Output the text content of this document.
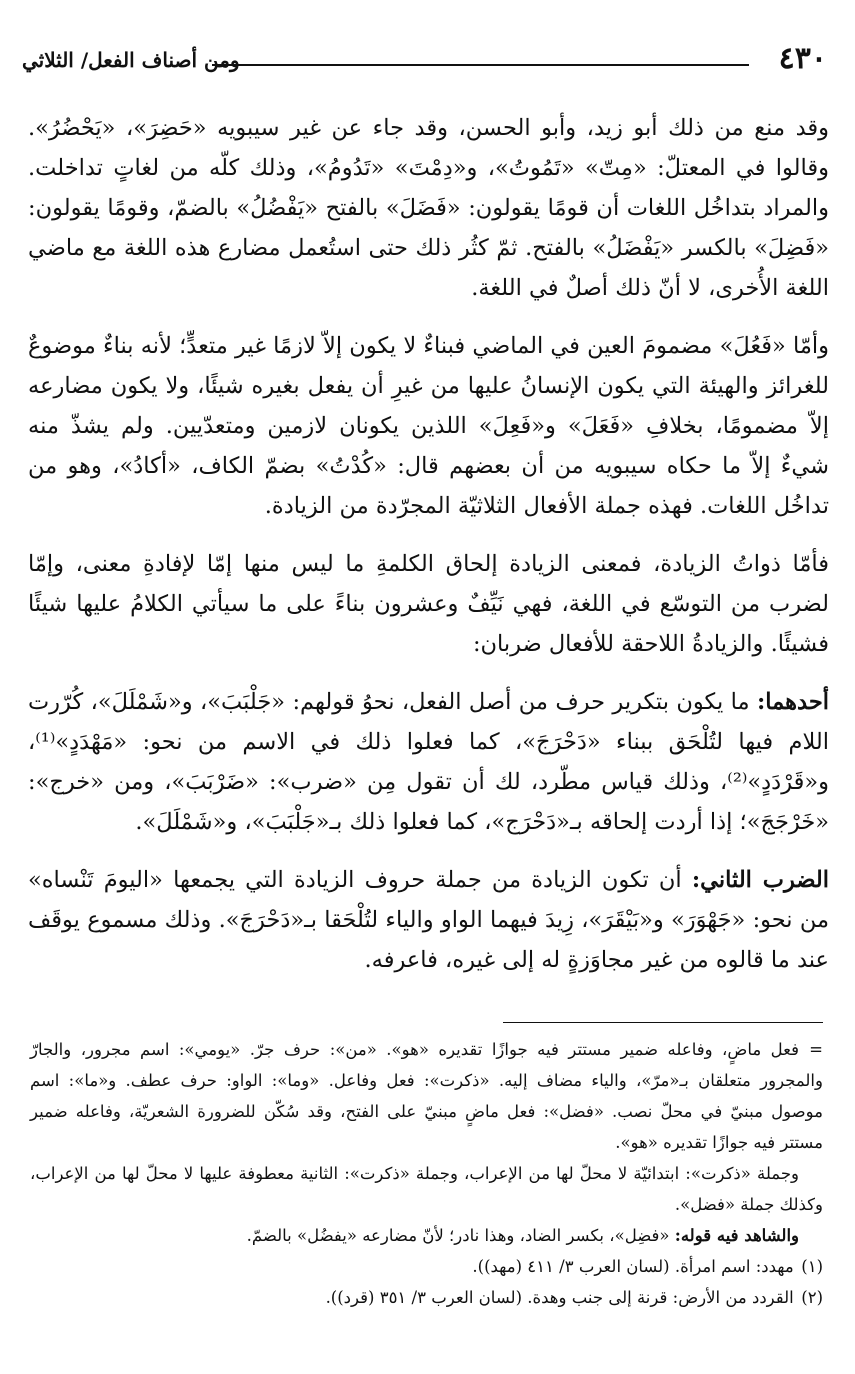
٤٣٠
ومن أصناف الفعل/ الثلاثي

وقد منع من ذلك أبو زيد، وأبو الحسن، وقد جاء عن غير سيبويه «حَضِرَ»، «يَحْضُرُ». وقالوا في المعتلّ: «مِتّ» «تَمُوتُ»، و«دِمْتَ» «تَدُومُ»، وذلك كلّه من لغاتٍ تداخلت. والمراد بتداخُل اللغات أن قومًا يقولون: «فَضَلَ» بالفتح «يَفْضُلُ» بالضمّ، وقومًا يقولون: «فَضِلَ» بالكسر «يَفْضَلُ» بالفتح. ثمّ كثُر ذلك حتى استُعمل مضارع هذه اللغة مع ماضي اللغة الأُخرى، لا أنّ ذلك أصلٌ في اللغة.

وأمّا «فَعُلَ» مضمومَ العين في الماضي فبناءٌ لا يكون إلاّ لازمًا غير متعدٍّ؛ لأنه بناءٌ موضوعٌ للغرائز والهيئة التي يكون الإنسانُ عليها من غيرِ أن يفعل بغيره شيئًا، ولا يكون مضارعه إلاّ مضمومًا، بخلافِ «فَعَلَ» و«فَعِلَ» اللذين يكونان لازمين ومتعدّيين. ولم يشذّ منه شيءٌ إلاّ ما حكاه سيبويه من أن بعضهم قال: «كُدْتُ» بضمّ الكاف، «أكادُ»، وهو من تداخُل اللغات. فهذه جملة الأفعال الثلاثيّة المجرّدة من الزيادة.

فأمّا ذواتُ الزيادة، فمعنى الزيادة إلحاق الكلمةِ ما ليس منها إمّا لإفادةِ معنى، وإمّا لضرب من التوسّع في اللغة، فهي نَيِّفٌ وعشرون بناءً على ما سيأتي الكلامُ عليها شيئًا فشيئًا. والزيادةُ اللاحقة للأفعال ضربان:

أحدهما: ما يكون بتكرير حرف من أصل الفعل، نحوُ قولهم: «جَلْبَبَ»، و«شَمْلَلَ»، كُرّرت اللام فيها لتُلْحَق ببناء «دَحْرَجَ»، كما فعلوا ذلك في الاسم من نحو: «مَهْدَدٍ»⁽¹⁾، و«قَرْدَدٍ»⁽²⁾، وذلك قياس مطّرد، لك أن تقول مِن «ضرب»: «ضَرْبَبَ»، ومن «خرج»: «خَرْجَجَ»؛ إذا أردت إلحاقه بـ«دَحْرَج»، كما فعلوا ذلك بـ«جَلْبَبَ»، و«شَمْلَلَ».

الضرب الثاني: أن تكون الزيادة من جملة حروف الزيادة التي يجمعها «اليومَ تَنْساه» من نحو: «جَهْوَرَ» و«بَيْقَرَ»، زِيدَ فيهما الواو والياء لتُلْحَقا بـ«دَحْرَجَ». وذلك مسموع يوقَف عند ما قالوه من غير مجاوَزةٍ له إلى غيره، فاعرفه.

=فعل ماضٍ، وفاعله ضمير مستتر فيه جوازًا تقديره «هو». «من»: حرف جرّ. «يومي»: اسم مجرور، والجارّ والمجرور متعلقان بـ«مرّ»، والياء مضاف إليه. «ذكرت»: فعل وفاعل. «وما»: الواو: حرف عطف. و«ما»: اسم موصول مبنيّ في محلّ نصب. «فضل»: فعل ماضٍ مبنيّ على الفتح، وقد سُكّن للضرورة الشعريّة، وفاعله ضمير مستتر فيه جوازًا تقديره «هو».

وجملة «ذكرت»: ابتدائيّة لا محلّ لها من الإعراب، وجملة «ذكرت»: الثانية معطوفة عليها لا محلّ لها من الإعراب، وكذلك جملة «فضل».

والشاهد فيه قوله: «فضِل»، بكسر الضاد، وهذا نادر؛ لأنّ مضارعه «يفضُل» بالضمّ.

(١) مهدد: اسم امرأة. (لسان العرب ٣/ ٤١١ (مهد)).

(٢) القردد من الأرض: قرنة إلى جنب وهدة. (لسان العرب ٣/ ٣٥١ (قرد)).
